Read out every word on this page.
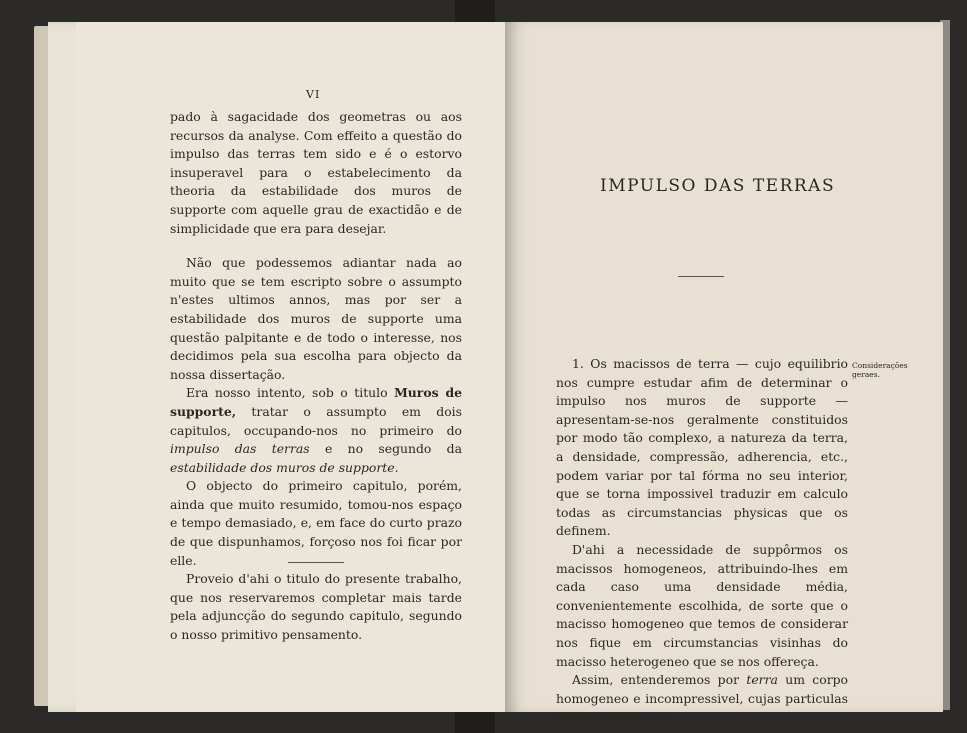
VI

pado à sagacidade dos geometras ou aos recursos da analyse. Com effeito a questão do impulso das terras tem sido e é o estorvo insuperavel para o estabelecimento da theoria da estabilidade dos muros de supporte com aquelle grau de exactidão e de simplicidade que era para desejar.

Não que podessemos adiantar nada ao muito que se tem escripto sobre o assumpto n'estes ultimos annos, mas por ser a estabilidade dos muros de supporte uma questão palpitante e de todo o interesse, nos decidimos pela sua escolha para objecto da nossa dissertação.

Era nosso intento, sob o titulo Muros de supporte, tratar o assumpto em dois capitulos, occupando-nos no primeiro do impulso das terras e no segundo da estabilidade dos muros de supporte.

O objecto do primeiro capitulo, porém, ainda que muito resumido, tomou-nos espaço e tempo demasiado, e, em face do curto prazo de que dispunhamos, forçoso nos foi ficar por elle.

Proveio d'ahi o titulo do presente trabalho, que nos reservaremos completar mais tarde pela adjuncção do segundo capitulo, segundo o nosso primitivo pensamento.

IMPULSO DAS TERRAS
Considerações geraes.

1. Os macissos de terra — cujo equilibrio nos cumpre estudar afim de determinar o impulso nos muros de supporte — apresentam-se-nos geralmente constituidos por modo tão complexo, a natureza da terra, a densidade, compressão, adherencia, etc., podem variar por tal fórma no seu interior, que se torna impossivel traduzir em calculo todas as circumstancias physicas que os definem.

D'ahi a necessidade de suppôrmos os macissos homogeneos, attribuindo-lhes em cada caso uma densidade média, convenientemente escolhida, de sorte que o macisso homogeneo que temos de considerar nos fique em circumstancias visinhas do macisso heterogeneo que se nos offereça.

Assim, entenderemos por terra um corpo homogeneo e incompressivel, cujas particulas podem deslocar-se
